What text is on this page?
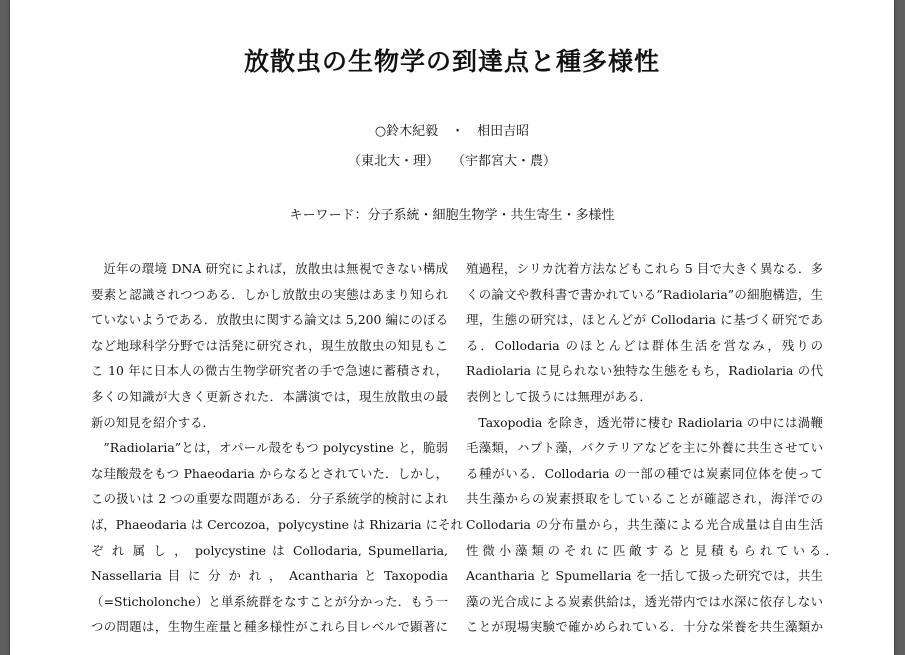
放散虫の生物学の到達点と種多様性
○鈴木紀毅　・　相田吉昭
（東北大・理）　　（宇都宮大・農）
キーワード：分子系統・細胞生物学・共生寄生・多様性
近年の環境 DNA 研究によれば，放散虫は無視できない構成
要素と認識されつつある．しかし放散虫の実態はあまり知られ
ていないようである．放散虫に関する論文は 5,200 編にのぼる
など地球科学分野では活発に研究され，現生放散虫の知見もこ
こ 10 年に日本人の微古生物学研究者の手で急速に蓄積され，
多くの知識が大きく更新された．本講演では，現生放散虫の最
新の知見を紹介する．
”Radiolaria”とは，オパール殻をもつ polycystine と，脆弱
な珪酸殻をもつ Phaeodaria からなるとされていた．しかし，
この扱いは 2 つの重要な問題がある．分子系統学的検討によれ
ば，Phaeodaria は Cercozoa，polycystine は Rhizaria にそれ
ぞ れ 属 し ， polycystine は Collodaria, Spumellaria,
Nassellaria 目 に 分 か れ ， Acantharia と Taxopodia
（=Sticholonche）と単系統群をなすことが分かった．もう一
つの問題は，生物生産量と種多様性がこれら目レベルで顕著に
殖過程，シリカ沈着方法などもこれら 5 目で大きく異なる．多
くの論文や教科書で書かれている”Radiolaria”の細胞構造，生
理，生態の研究は，ほとんどが Collodaria に基づく研究であ
る．Collodaria のほとんどは群体生活を営なみ，残りの
Radiolaria に見られない独特な生態をもち，Radiolaria の代
表例として扱うには無理がある．
Taxopodia を除き，透光帯に棲む Radiolaria の中には渦鞭
毛藻類，ハプト藻，バクテリアなどを主に外養に共生させてい
る種がいる．Collodaria の一部の種では炭素同位体を使って
共生藻からの炭素摂取をしていることが確認され，海洋での
Collodaria の分布量から，共生藻による光合成量は自由生活
性 微 小 藻 類 の そ れ に 匹 敵 す る と 見 積 も ら れ て い る ．
Acantharia と Spumellaria を一括して扱った研究では，共生
藻の光合成による炭素供給は，透光帯内では水深に依存しない
ことが現場実験で確かめられている．十分な栄養を共生藻類か
